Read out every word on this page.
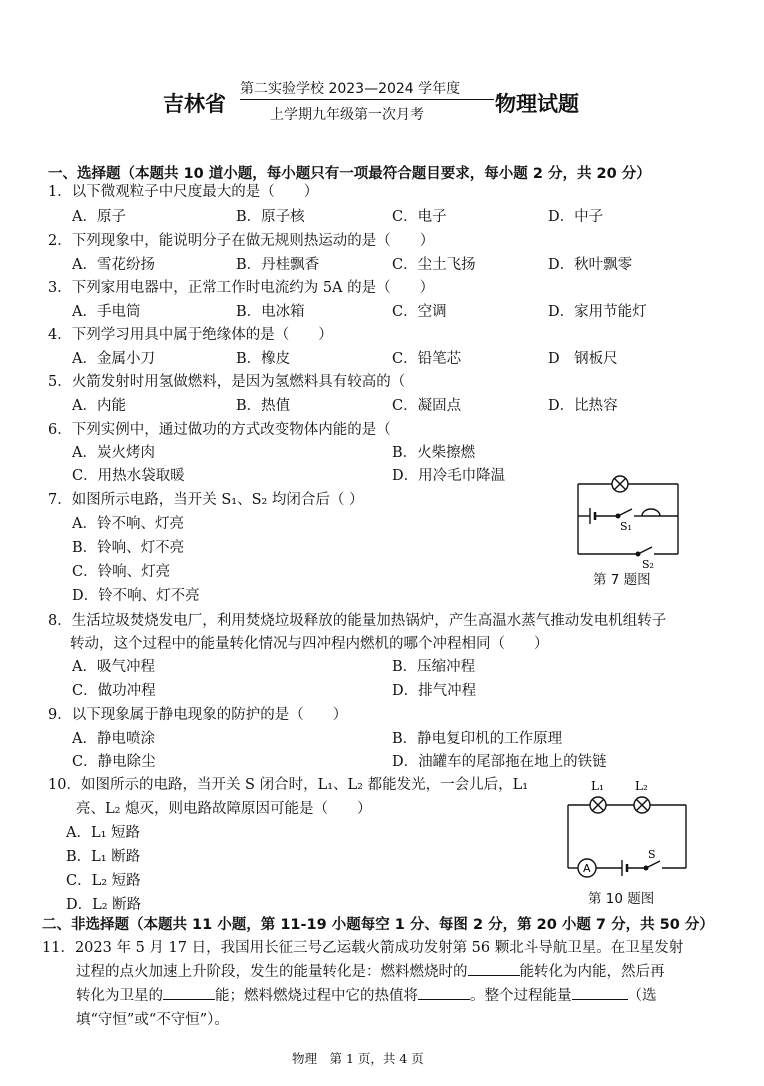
吉林省
第二实验学校 2023—2024 学年度
上学期九年级第一次月考	物理试题
一、选择题（本题共 10 道小题，每小题只有一项最符合题目要求，每小题 2 分，共 20 分）
1．以下微观粒子中尺度最大的是（　　）
A．原子	B．原子核	C．电子	D．中子
2．下列现象中，能说明分子在做无规则热运动的是（　　）
A．雪花纷扬	B．丹桂飘香	C．尘土飞扬	D．秋叶飘零
3．下列家用电器中，正常工作时电流约为 5A 的是（　　）
A．手电筒	B．电冰箱	C．空调	D．家用节能灯
4．下列学习用具中属于绝缘体的是（　　）
A．金属小刀	B．橡皮	C．铅笔芯	D　钢板尺
5．火箭发射时用氢做燃料，是因为氢燃料具有较高的（
A．内能	B．热值	C．凝固点	D．比热容
6．下列实例中，通过做功的方式改变物体内能的是（
A．炭火烤肉	B．火柴擦燃
C．用热水袋取暖	D．用冷毛巾降温
7．如图所示电路，当开关 S₁、S₂ 均闭合后（ ）
A．铃不响、灯亮
B．铃响、灯不亮
C．铃响、灯亮
D．铃不响、灯不亮
S₁
S₂
第 7 题图
8．生活垃圾焚烧发电厂，利用焚烧垃圾释放的能量加热锅炉，产生高温水蒸气推动发电机组转子
转动，这个过程中的能量转化情况与四冲程内燃机的哪个冲程相同（　　）
A．吸气冲程	B．压缩冲程
C．做功冲程	D．排气冲程
9．以下现象属于静电现象的防护的是（　　）
A．静电喷涂	B．静电复印机的工作原理
C．静电除尘	D．油罐车的尾部拖在地上的铁链
10．如图所示的电路，当开关 S 闭合时，L₁、L₂ 都能发光，一会儿后，L₁
亮、L₂ 熄灭，则电路故障原因可能是（　　）
A．L₁ 短路
B．L₁ 断路
C．L₂ 短路
D．L₂ 断路
L₁	L₂
A
S
第 10 题图
二、非选择题（本题共 11 小题，第 11-19 小题每空 1 分、每图 2 分，第 20 小题 7 分，共 50 分）
11．2023 年 5 月 17 日，我国用长征三号乙运载火箭成功发射第 56 颗北斗导航卫星。在卫星发射
过程的点火加速上升阶段，发生的能量转化是：燃料燃烧时的	能转化为内能，然后再
转化为卫星的	能；燃料燃烧过程中它的热值将	。整个过程能量	（选
填“守恒”或“不守恒”）。
物理　第 1 页，共 4 页
